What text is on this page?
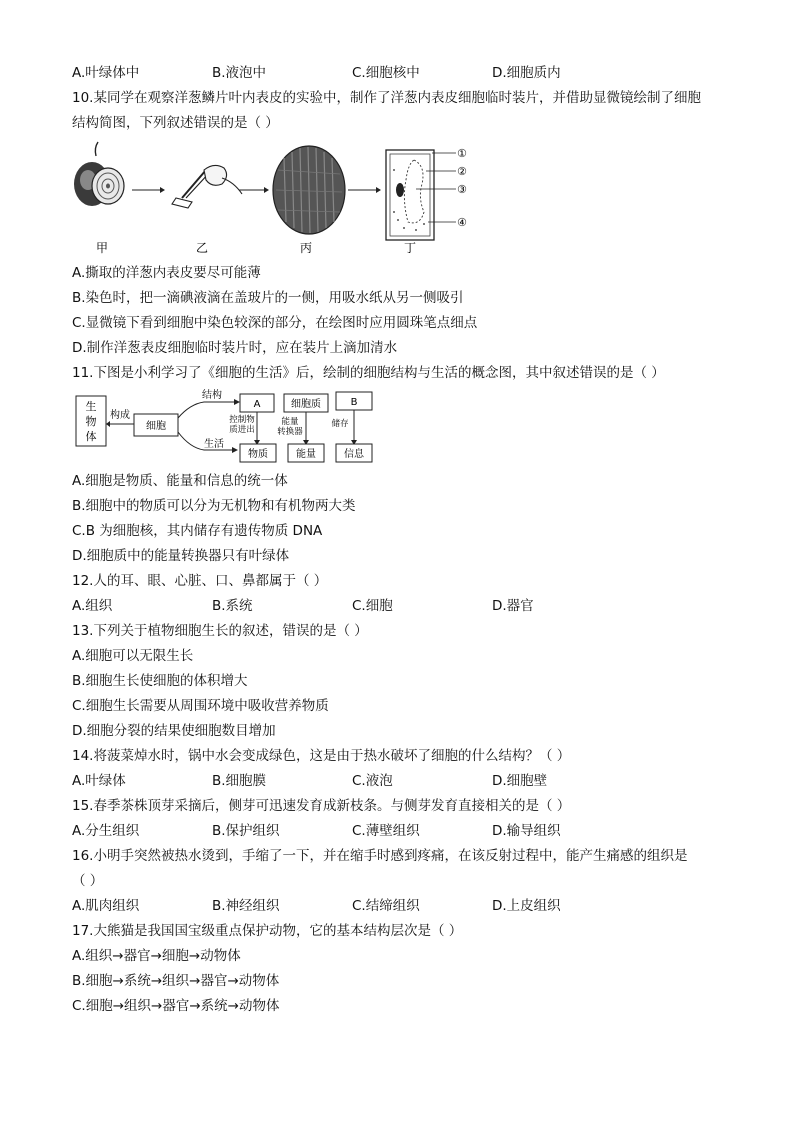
A.叶绿体中	B.液泡中	C.细胞核中	D.细胞质内
10.某同学在观察洋葱鳞片叶内表皮的实验中，制作了洋葱内表皮细胞临时装片，并借助显微镜绘制了细胞
结构简图，下列叙述错误的是（ ）
①
②
③
④
甲	乙	丙	丁
A.撕取的洋葱内表皮要尽可能薄
B.染色时，把一滴碘液滴在盖玻片的一侧，用吸水纸从另一侧吸引
C.显微镜下看到细胞中染色较深的部分，在绘图时应用圆珠笔点细点
D.制作洋葱表皮细胞临时装片时，应在装片上滴加清水
11.下图是小利学习了《细胞的生活》后，绘制的细胞结构与生活的概念图，其中叙述错误的是（ ）
生
物
体
构成
细胞
结构
生活
A	细胞质	B
控制物
质进出
能量
转换器
储存
物质	能量	信息
A.细胞是物质、能量和信息的统一体
B.细胞中的物质可以分为无机物和有机物两大类
C.B 为细胞核，其内储存有遗传物质 DNA
D.细胞质中的能量转换器只有叶绿体
12.人的耳、眼、心脏、口、鼻都属于（ ）
A.组织	B.系统	C.细胞	D.器官
13.下列关于植物细胞生长的叙述，错误的是（ ）
A.细胞可以无限生长
B.细胞生长使细胞的体积增大
C.细胞生长需要从周围环境中吸收营养物质
D.细胞分裂的结果使细胞数目增加
14.将菠菜焯水时，锅中水会变成绿色，这是由于热水破坏了细胞的什么结构？（ ）
A.叶绿体	B.细胞膜	C.液泡	D.细胞壁
15.春季茶株顶芽采摘后，侧芽可迅速发育成新枝条。与侧芽发育直接相关的是（ ）
A.分生组织	B.保护组织	C.薄壁组织	D.输导组织
16.小明手突然被热水烫到，手缩了一下，并在缩手时感到疼痛，在该反射过程中，能产生痛感的组织是
（ ）
A.肌肉组织	B.神经组织	C.结缔组织	D.上皮组织
17.大熊猫是我国国宝级重点保护动物，它的基本结构层次是（ ）
A.组织→器官→细胞→动物体
B.细胞→系统→组织→器官→动物体
C.细胞→组织→器官→系统→动物体
